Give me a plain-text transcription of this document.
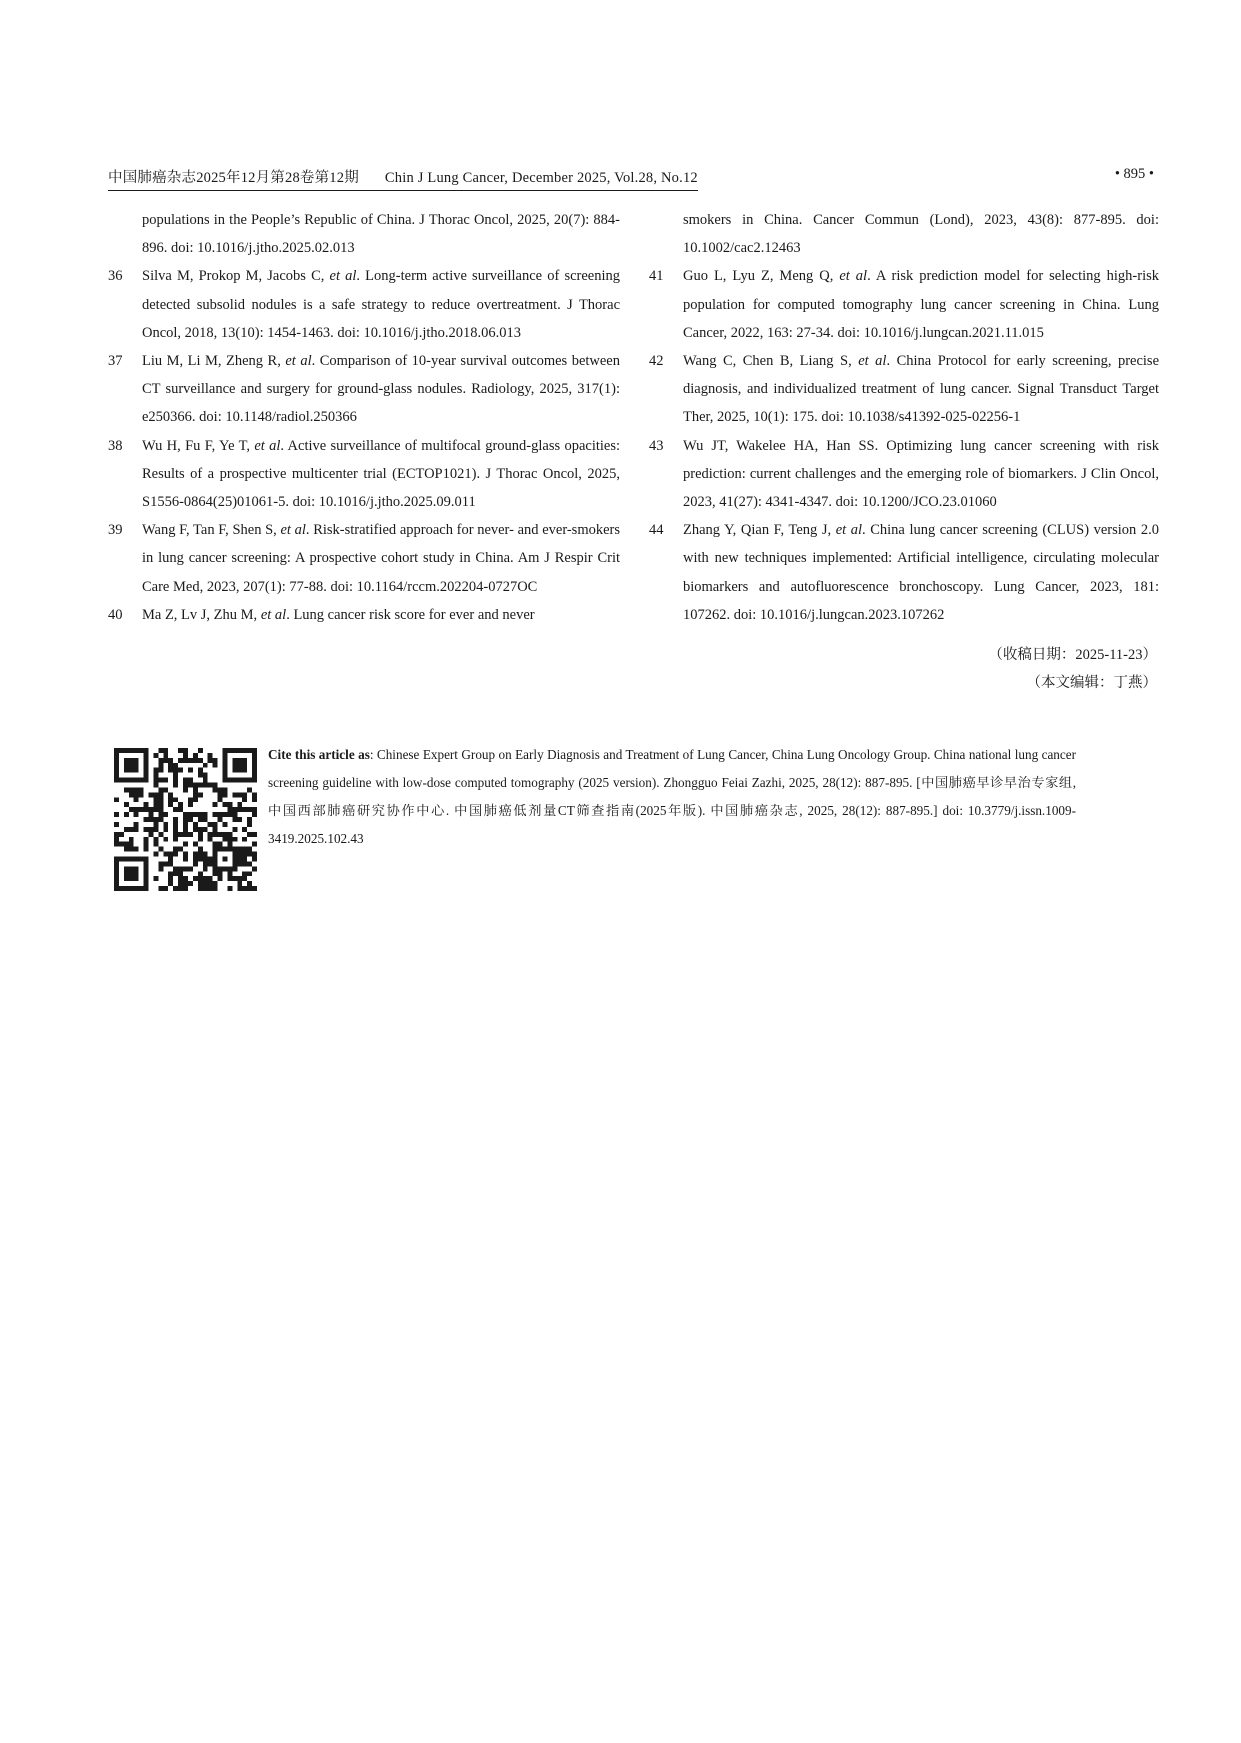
中国肺癌杂志2025年12月第28卷第12期 Chin J Lung Cancer, December 2025, Vol.28, No.12	• 895 •
populations in the People’s Republic of China. J Thorac Oncol, 2025, 20(7): 884-896. doi: 10.1016/j.jtho.2025.02.013
36 Silva M, Prokop M, Jacobs C, et al. Long-term active surveillance of screening detected subsolid nodules is a safe strategy to reduce overtreatment. J Thorac Oncol, 2018, 13(10): 1454-1463. doi: 10.1016/j.jtho.2018.06.013
37 Liu M, Li M, Zheng R, et al. Comparison of 10-year survival outcomes between CT surveillance and surgery for ground-glass nodules. Radiology, 2025, 317(1): e250366. doi: 10.1148/radiol.250366
38 Wu H, Fu F, Ye T, et al. Active surveillance of multifocal ground-glass opacities: Results of a prospective multicenter trial (ECTOP1021). J Thorac Oncol, 2025, S1556-0864(25)01061-5. doi: 10.1016/j.jtho.2025.09.011
39 Wang F, Tan F, Shen S, et al. Risk-stratified approach for never- and ever-smokers in lung cancer screening: A prospective cohort study in China. Am J Respir Crit Care Med, 2023, 207(1): 77-88. doi: 10.1164/rccm.202204-0727OC
40 Ma Z, Lv J, Zhu M, et al. Lung cancer risk score for ever and never
smokers in China. Cancer Commun (Lond), 2023, 43(8): 877-895. doi: 10.1002/cac2.12463
41 Guo L, Lyu Z, Meng Q, et al. A risk prediction model for selecting high-risk population for computed tomography lung cancer screening in China. Lung Cancer, 2022, 163: 27-34. doi: 10.1016/j.lungcan.2021.11.015
42 Wang C, Chen B, Liang S, et al. China Protocol for early screening, precise diagnosis, and individualized treatment of lung cancer. Signal Transduct Target Ther, 2025, 10(1): 175. doi: 10.1038/s41392-025-02256-1
43 Wu JT, Wakelee HA, Han SS. Optimizing lung cancer screening with risk prediction: current challenges and the emerging role of biomarkers. J Clin Oncol, 2023, 41(27): 4341-4347. doi: 10.1200/JCO.23.01060
44 Zhang Y, Qian F, Teng J, et al. China lung cancer screening (CLUS) version 2.0 with new techniques implemented: Artificial intelligence, circulating molecular biomarkers and autofluorescence bronchoscopy. Lung Cancer, 2023, 181: 107262. doi: 10.1016/j.lungcan.2023.107262
（收稿日期：2025-11-23）
（本文编辑：丁燕）
Cite this article as: Chinese Expert Group on Early Diagnosis and Treatment of Lung Cancer, China Lung Oncology Group. China national lung cancer screening guideline with low-dose computed tomography (2025 version). Zhongguo Feiai Zazhi, 2025, 28(12): 887-895. [中国肺癌早诊早治专家组, 中国西部肺癌研究协作中心. 中国肺癌低剂量CT筛查指南(2025年版). 中国肺癌杂志, 2025, 28(12): 887-895.] doi: 10.3779/j.issn.1009-3419.2025.102.43
